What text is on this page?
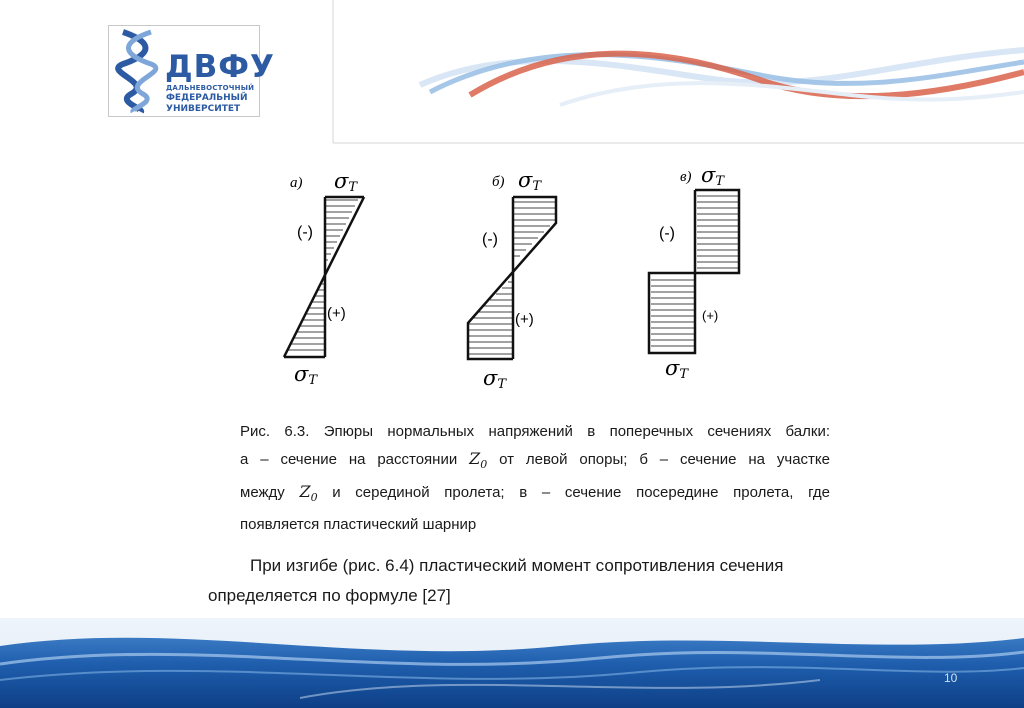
ДВФУ
ДАЛЬНЕВОСТОЧНЫЙ
ФЕДЕРАЛЬНЫЙ
УНИВЕРСИТЕТ
а) σT
(-)
(+)
σT
б) σT
(-)
(+)
σT
в) σT
(-)
(+)
σT
Рис. 6.3. Эпюры нормальных напряжений в поперечных сечениях балки:
а – сечение на расстоянии $Z_0$ от левой опоры; б – сечение на участке
между $Z_0$ и серединой пролета; в – сечение посередине пролета, где
появляется пластический шарнир
При изгибе (рис. 6.4) пластический момент сопротивления сечения
определяется по формуле [27]
10
